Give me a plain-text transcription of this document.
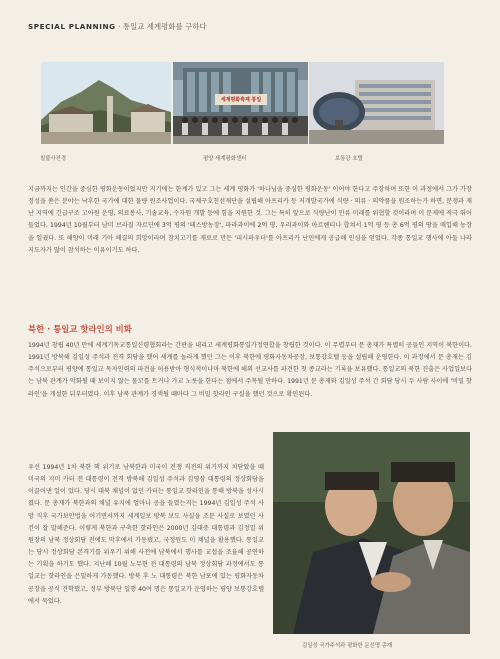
SPECIAL PLANNING · 통일교 세계평화를 구하다
칠불사전경
세계평화축제 통일
평양 세계평화센터	보통강 호텔

지금까지는 인간을 중심한 평화운동이었지만 지기에는 한계가 있고 그는 세계 평화가 '하나님을 중심한 평화운동' 이어야 한다고 주장하며 또한 이 과정에서 그가 가장 정성을 쏟은 분야는 낙후한 국가에 대한 물량 원조사업이다. 국제구호친선재단을 설립해 아프리카 등 저개발국가에 식량 · 의류 · 의약품을 원조하는가 하면, 분쟁과 재난 지역에 긴급구조 고아원 운영, 의료봉사, 기술교육, 수자원 개발 등에 힘을 지원한 것. 그는 특히 앞으로 식량난이 인류 미래를 위협할 것이라며 이 문제에 적극 뛰어들었다. 1994년 10월부터 남미 브라질 자르딘에 3억 평의 '테스방농장', 파라과이에 2억 평, 우리과이와 아르헨티나 합쳐서 1억 평 등 총 6억 평의 땅을 매입해 농장을 일궜다. 또 해양이 미래 기아 해결의 희망이라며 참치고기를 재료로 만든 '피시파우더'를 아프리카 난민에게 공급해 인심을 얻었다. 각종 통일교 행사에 아들 나라 지도자가 많이 참석하는 이유이기도 하다.

북한 · 통일교 핫라인의 비화

1994년 창립 40년 만에 세계기독교통일신령협회라는 간판을 내리고 세계평화통일가정연합을 창립한 것이다. 이 무렵부터 문 총재가 특별히 공들인 지역이 북한이다. 1991년 방북해 김일성 주석과 전격 회담을 했어 세계를 놀라게 했던 그는 이후 북한에 평화자동차공장, 보통강호텔 등을 설립해 운영한다. 이 과정에서 문 총재는 김 주석으로부터 평양에 통일교 독자인력의 파견을 허용받아 형식적이나마 북한에 해외 선교사를 파견한 첫 종교라는 기록을 보유했다. 통일교의 북한 진출은 사업일보다는 남북 관계가 악화될 때 보이지 않는 물꼬를 트거나 가교 노릇을 한다는 점에서 주목될 만하다. 1991년 문 총재와 김일성 주석 간 회담 당시 두 사람 사이에 '비밀 핫라인'을 개설한 뒤부터였다. 이후 남북 관계가 경색될 때마다 그 비밀 핫라인 구실을 했던 것으로 확인된다.

우선 1994년 1차 북한 핵 위기로 남북한과 미국이 전쟁 직전의 위기까지 치닫았을 때 미국의 지미 카터 전 대통령이 전격 방북해 김일성 주석과 김영삼 대통령의 정상회담을 이끌어낸 일이 있다. 당시 대북 채널이 없던 카터는 통일교 핫라인을 통해 방북을 성사시켰다. 문 총재가 북한과의 채널 유지에 얼마나 공을 들였는지는 1994년 김일성 주석 사망 직후 국가보안법을 어기면서까지 세계일보 방북 보도 사실을 조문 사실로 보였던 사건이 잘 말해준다. 이렇게 북한과 구축한 핫라인은 2000년 김대중 대통령과 김정일 위원장의 남북 정상회담 전에도 막후에서 가동됐고, 국정원도 이 채널을 활용했다. 통일교는 당시 정상회담 본격기를 위우기 위해 사전에 남북에서 행사를 교섭을 조율해 공연하는 기획을 하기도 했다. 지난해 10월 노무현 전 대통령의 남북 정상회담 과정에서도 통일교는 핫라인을 은밀하게 가동했다. 방북 후 노 대통령은 북한 남포에 있는 평화자동차공장을 공식 견학했고, 정부 방북단 일행 40여 명은 통일교가 운영하는 평양 보통강호텔에서 묵었다.

김일성 국가주석과 평화한 문선명 총재
